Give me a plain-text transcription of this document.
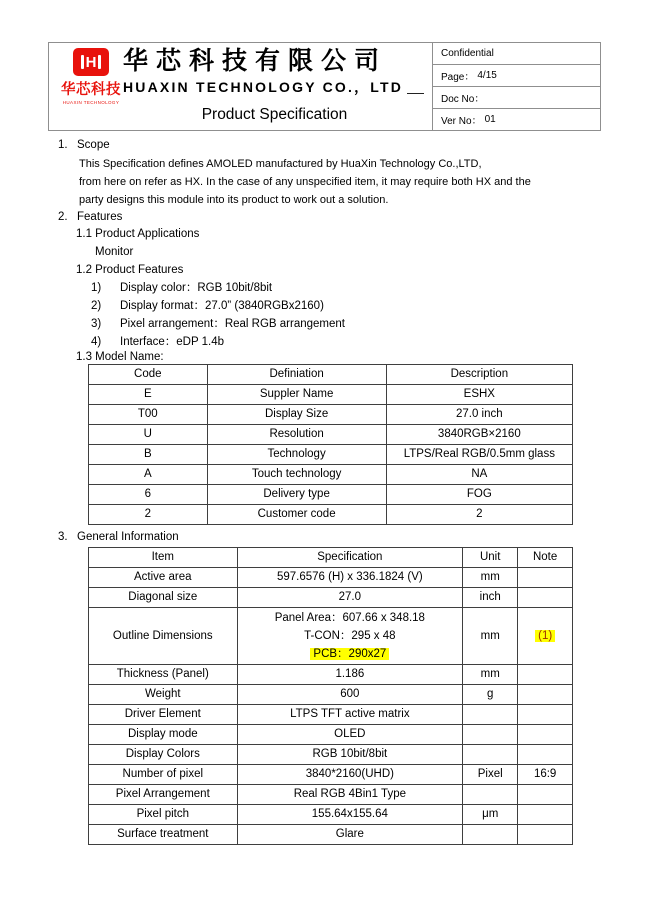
H
华芯科技
HUAXIN TECHNOLOGY
华芯科技有限公司
HUAXIN TECHNOLOGY CO.，LTD
Product Specification
Confidential
Page： 4/15
Doc No：
Ver No： 01
1. Scope
This Specification defines AMOLED manufactured by HuaXin Technology Co.,LTD,
from here on refer as HX. In the case of any unspecified item, it may require both HX and the
party designs this module into its product to work out a solution.
2. Features
1.1 Product Applications
Monitor
1.2 Product Features
1)	Display color：RGB 10bit/8bit
2)	Display format：27.0” (3840RGBx2160)
3)	Pixel arrangement：Real RGB arrangement
4)	Interface：eDP 1.4b
1.3 Model Name:
Code	Definiation	Description
E	Suppler Name	ESHX
T00	Display Size	27.0 inch
U	Resolution	3840RGB×2160
B	Technology	LTPS/Real RGB/0.5mm glass
A	Touch technology	NA
6	Delivery type	FOG
2	Customer code	2
3. General Information
Item	Specification	Unit	Note
Active area	597.6576 (H) x 336.1824 (V)	mm	
Diagonal size	27.0	inch	
Outline Dimensions	Panel Area：607.66 x 348.18
T-CON：295 x 48
PCB：290x27	mm	(1)
Thickness (Panel)	1.186	mm	
Weight	600	g	
Driver Element	LTPS TFT active matrix		
Display mode	OLED		
Display Colors	RGB 10bit/8bit		
Number of pixel	3840*2160(UHD)	Pixel	16:9
Pixel Arrangement	Real RGB 4Bin1 Type		
Pixel pitch	155.64x155.64	μm	
Surface treatment	Glare		
